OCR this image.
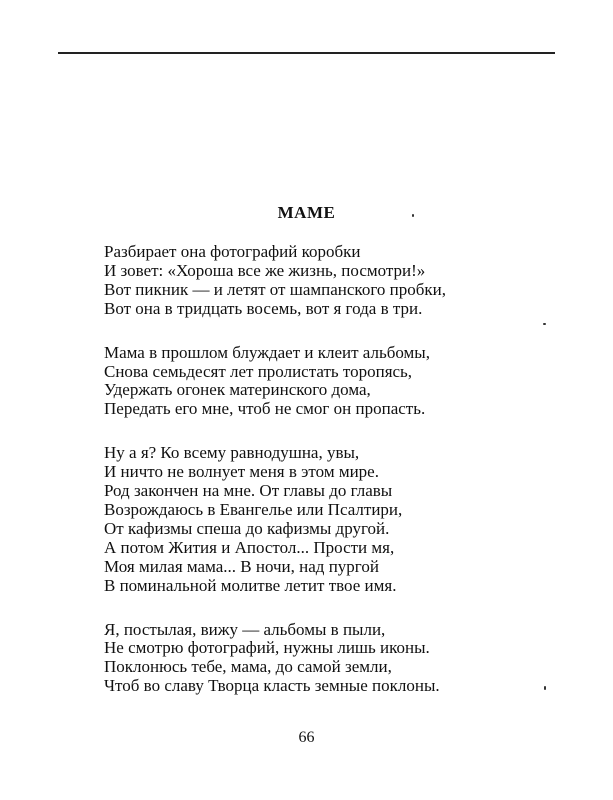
МАМЕ
Разбирает она фотографий коробки
И зовет: «Хороша все же жизнь, посмотри!»
Вот пикник — и летят от шампанского пробки,
Вот она в тридцать восемь, вот я года в три.
Мама в прошлом блуждает и клеит альбомы,
Снова семьдесят лет пролистать торопясь,
Удержать огонек материнского дома,
Передать его мне, чтоб не смог он пропасть.
Ну а я? Ко всему равнодушна, увы,
И ничто не волнует меня в этом мире.
Род закончен на мне. От главы до главы
Возрождаюсь в Евангелье или Псалтири,
От кафизмы спеша до кафизмы другой.
А потом Жития и Апостол... Прости мя,
Моя милая мама... В ночи, над пургой
В поминальной молитве летит твое имя.
Я, постылая, вижу — альбомы в пыли,
Не смотрю фотографий, нужны лишь иконы.
Поклонюсь тебе, мама, до самой земли,
Чтоб во славу Творца класть земные поклоны.
66
